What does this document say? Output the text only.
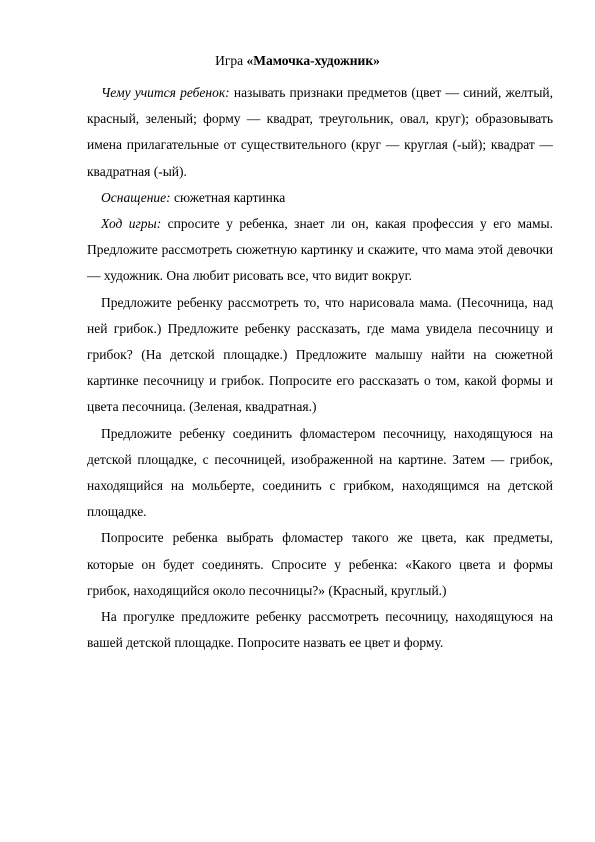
Игра «Мамочка-художник»

Чему учится ребенок: называть признаки предметов (цвет — синий, желтый, красный, зеленый; форму — квадрат, треугольник, овал, круг); образовывать имена прилагательные от существительного (круг — круглая (-ый); квадрат — квадратная (-ый).

Оснащение: сюжетная картинка

Ход игры: спросите у ребенка, знает ли он, какая профессия у его мамы. Предложите рассмотреть сюжетную картинку и скажите, что мама этой девочки — художник. Она любит рисовать все, что видит вокруг.

Предложите ребенку рассмотреть то, что нарисовала мама. (Песочница, над ней грибок.) Предложите ребенку рассказать, где мама увидела песочницу и грибок? (На детской площадке.) Предложите малышу найти на сюжетной картинке песочницу и грибок. Попросите его рассказать о том, какой формы и цвета песочница. (Зеленая, квадратная.)

Предложите ребенку соединить фломастером песочницу, находящуюся на детской площадке, с песочницей, изображенной на картине. Затем — грибок, находящийся на мольберте, соединить с грибком, находящимся на детской площадке.

Попросите ребенка выбрать фломастер такого же цвета, как предметы, которые он будет соединять. Спросите у ребенка: «Какого цвета и формы грибок, находящийся около песочницы?» (Красный, круглый.)

На прогулке предложите ребенку рассмотреть песочницу, находящуюся на вашей детской площадке. Попросите назвать ее цвет и форму.
